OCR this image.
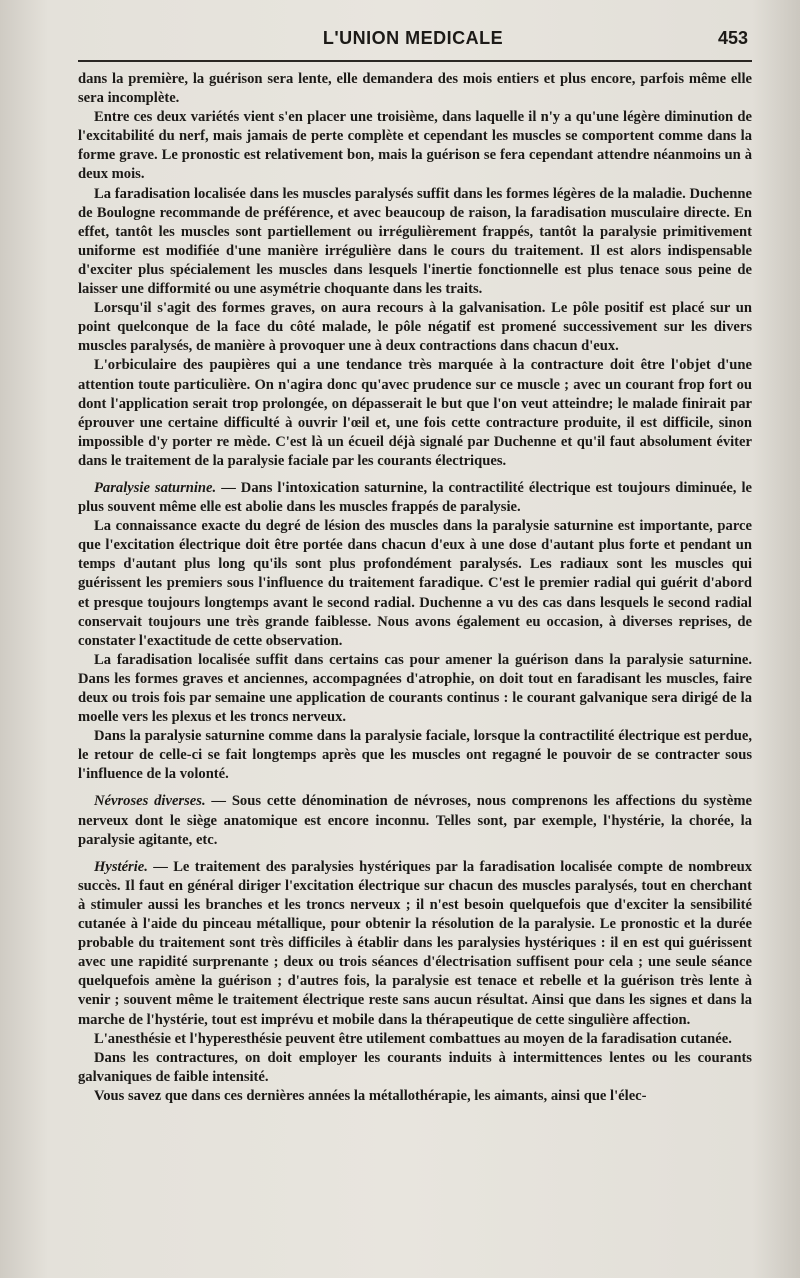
L'UNION MEDICALE	453

dans la première, la guérison sera lente, elle demandera des mois entiers et plus encore, parfois même elle sera incomplète.

Entre ces deux variétés vient s'en placer une troisième, dans laquelle il n'y a qu'une légère diminution de l'excitabilité du nerf, mais jamais de perte complète et cependant les muscles se comportent comme dans la forme grave. Le pronostic est relativement bon, mais la guérison se fera cependant attendre néanmoins un à deux mois.

La faradisation localisée dans les muscles paralysés suffit dans les formes légères de la maladie. Duchenne de Boulogne recommande de préférence, et avec beaucoup de raison, la faradisation musculaire directe. En effet, tantôt les muscles sont partiellement ou irrégulièrement frappés, tantôt la paralysie primitivement uniforme est modifiée d'une manière irrégulière dans le cours du traitement. Il est alors indispensable d'exciter plus spécialement les muscles dans lesquels l'inertie fonctionnelle est plus tenace sous peine de laisser une difformité ou une asymétrie choquante dans les traits.

Lorsqu'il s'agit des formes graves, on aura recours à la galvanisation. Le pôle positif est placé sur un point quelconque de la face du côté malade, le pôle négatif est promené successivement sur les divers muscles paralysés, de manière à provoquer une à deux contractions dans chacun d'eux.

L'orbiculaire des paupières qui a une tendance très marquée à la contracture doit être l'objet d'une attention toute particulière. On n'agira donc qu'avec prudence sur ce muscle ; avec un courant frop fort ou dont l'application serait trop prolongée, on dépasserait le but que l'on veut atteindre; le malade finirait par éprouver une certaine difficulté à ouvrir l'œil et, une fois cette contracture produite, il est difficile, sinon impossible d'y porter re mède. C'est là un écueil déjà signalé par Duchenne et qu'il faut absolument éviter dans le traitement de la paralysie faciale par les courants électriques.

Paralysie saturnine. — Dans l'intoxication saturnine, la contractilité électrique est toujours diminuée, le plus souvent même elle est abolie dans les muscles frappés de paralysie.

La connaissance exacte du degré de lésion des muscles dans la paralysie saturnine est importante, parce que l'excitation électrique doit être portée dans chacun d'eux à une dose d'autant plus forte et pendant un temps d'autant plus long qu'ils sont plus profondément paralysés. Les radiaux sont les muscles qui guérissent les premiers sous l'influence du traitement faradique. C'est le premier radial qui guérit d'abord et presque toujours longtemps avant le second radial. Duchenne a vu des cas dans lesquels le second radial conservait toujours une très grande faiblesse. Nous avons également eu occasion, à diverses reprises, de constater l'exactitude de cette observation.

La faradisation localisée suffit dans certains cas pour amener la guérison dans la paralysie saturnine. Dans les formes graves et anciennes, accompagnées d'atrophie, on doit tout en faradisant les muscles, faire deux ou trois fois par semaine une application de courants continus : le courant galvanique sera dirigé de la moelle vers les plexus et les troncs nerveux.

Dans la paralysie saturnine comme dans la paralysie faciale, lorsque la contractilité électrique est perdue, le retour de celle-ci se fait longtemps après que les muscles ont regagné le pouvoir de se contracter sous l'influence de la volonté.

Névroses diverses. — Sous cette dénomination de névroses, nous comprenons les affections du système nerveux dont le siège anatomique est encore inconnu. Telles sont, par exemple, l'hystérie, la chorée, la paralysie agitante, etc.

Hystérie. — Le traitement des paralysies hystériques par la faradisation localisée compte de nombreux succès. Il faut en général diriger l'excitation électrique sur chacun des muscles paralysés, tout en cherchant à stimuler aussi les branches et les troncs nerveux ; il n'est besoin quelquefois que d'exciter la sensibilité cutanée à l'aide du pinceau métallique, pour obtenir la résolution de la paralysie. Le pronostic et la durée probable du traitement sont très difficiles à établir dans les paralysies hystériques : il en est qui guérissent avec une rapidité surprenante ; deux ou trois séances d'électrisation suffisent pour cela ; une seule séance quelquefois amène la guérison ; d'autres fois, la paralysie est tenace et rebelle et la guérison très lente à venir ; souvent même le traitement électrique reste sans aucun résultat. Ainsi que dans les signes et dans la marche de l'hystérie, tout est imprévu et mobile dans la thérapeutique de cette singulière affection.

L'anesthésie et l'hyperesthésie peuvent être utilement combattues au moyen de la faradisation cutanée.

Dans les contractures, on doit employer les courants induits à intermittences lentes ou les courants galvaniques de faible intensité.

Vous savez que dans ces dernières années la métallothérapie, les aimants, ainsi que l'élec-
